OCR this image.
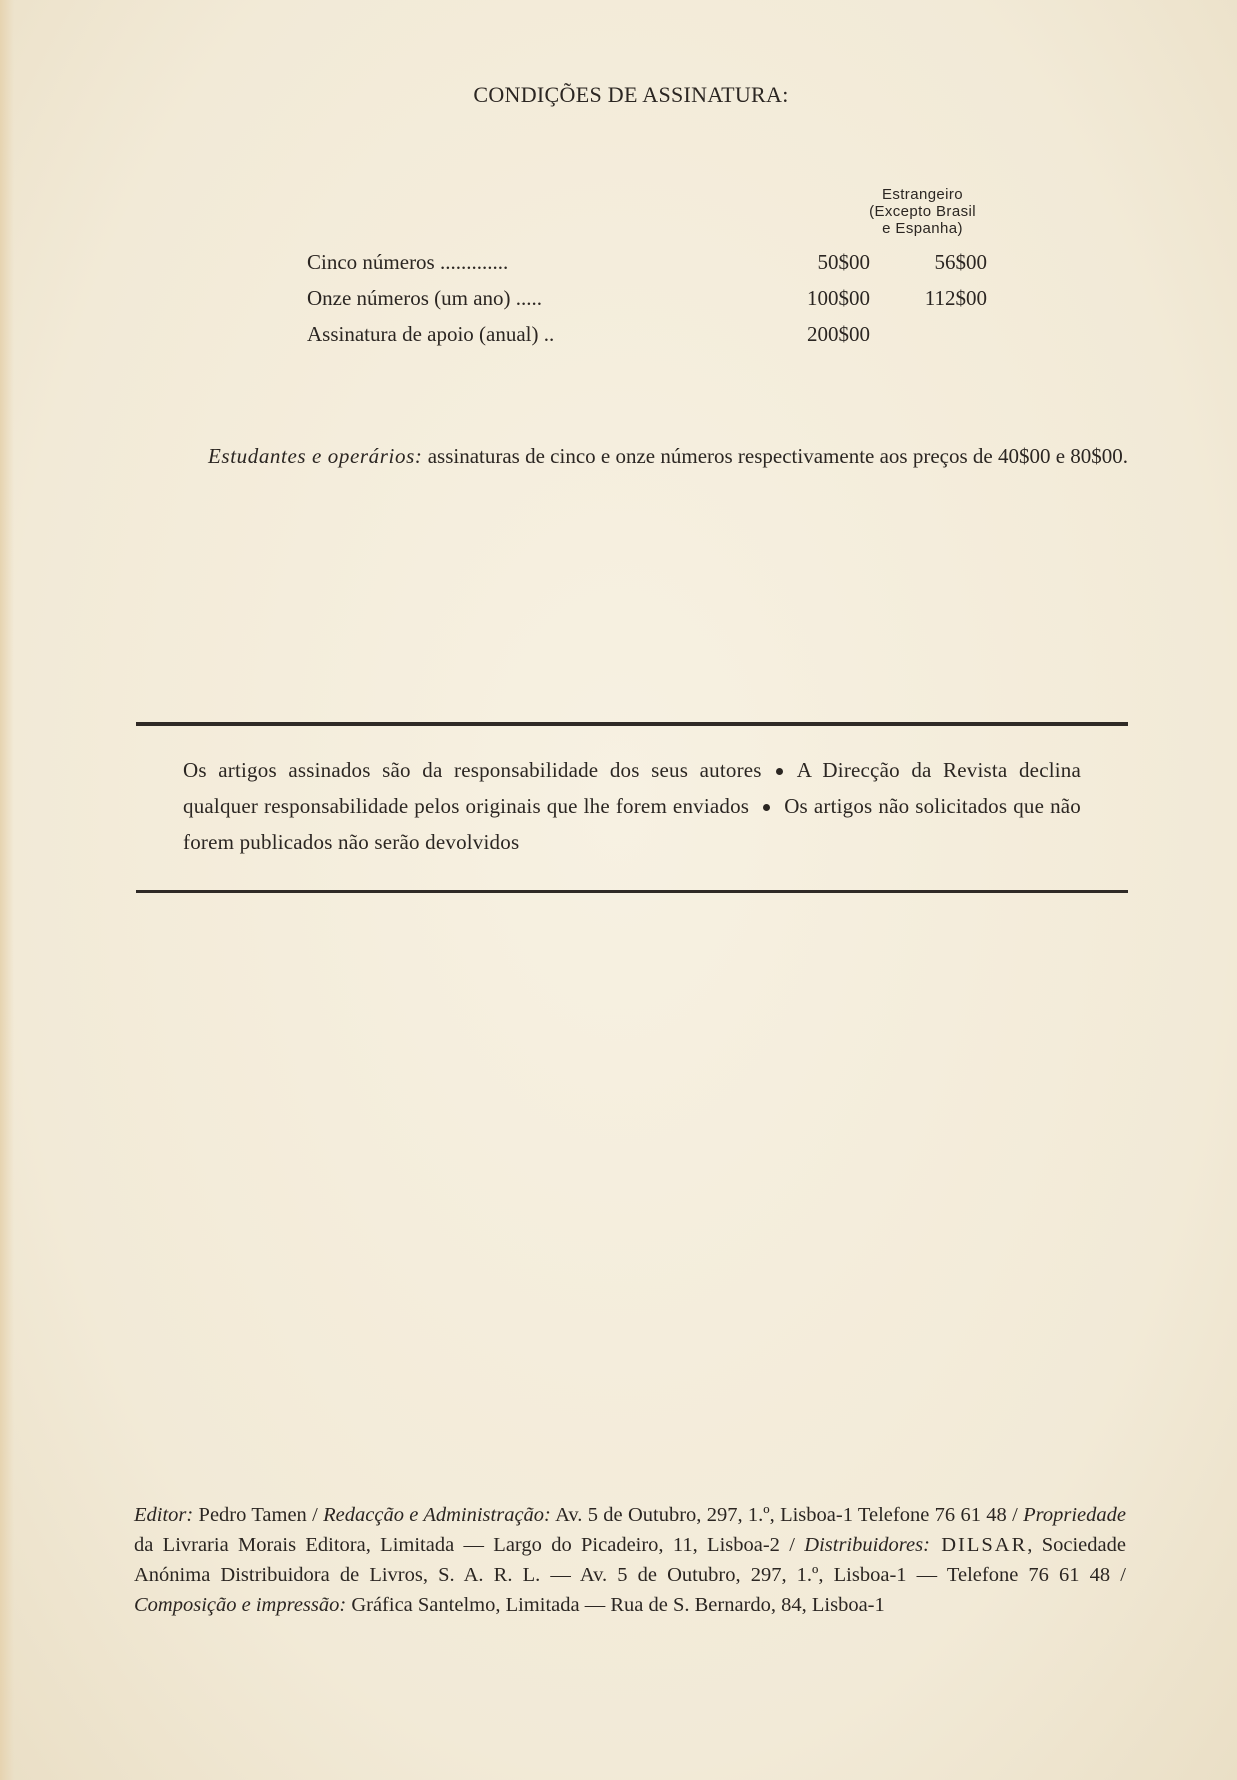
CONDIÇÕES DE ASSINATURA:
Estrangeiro
(Excepto Brasil
e Espanha)
Cinco números .............	50$00	56$00
Onze números (um ano) .....	100$00	112$00
Assinatura de apoio (anual) ..	200$00
Estudantes e operários: assinaturas de cinco e onze números respectivamente aos preços de 40$00 e 80$00.
Os artigos assinados são da responsabilidade dos seus autores A Direcção da Revista declina qualquer responsabilidade pelos originais que lhe forem enviados Os artigos não solicitados que não forem publicados não serão devolvidos
Editor: Pedro Tamen / Redacção e Administração: Av. 5 de Outubro, 297, 1.º, Lisboa-1 Telefone 76 61 48 / Propriedade da Livraria Morais Editora, Limitada — Largo do Picadeiro, 11, Lisboa-2 / Distribuidores: DILSAR, Sociedade Anónima Distribuidora de Livros, S. A. R. L. — Av. 5 de Outubro, 297, 1.º, Lisboa-1 — Telefone 76 61 48 / Composição e impressão: Gráfica Santelmo, Limitada — Rua de S. Bernardo, 84, Lisboa-1
